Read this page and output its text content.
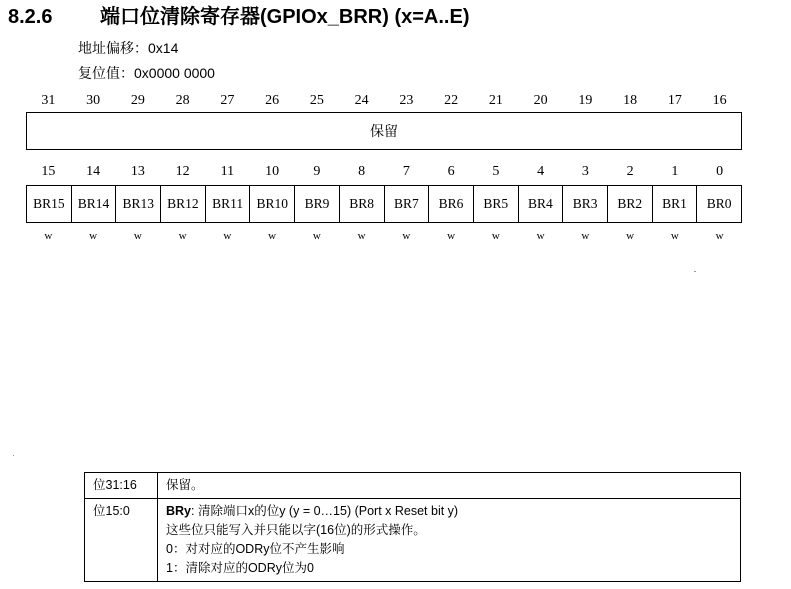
8.2.6 端口位清除寄存器(GPIOx_BRR) (x=A..E)
地址偏移：0x14
复位值：0x0000 0000
31	30	29	28	27	26	25	24	23	22	21	20	19	18	17	16
保留
15	14	13	12	11	10	9	8	7	6	5	4	3	2	1	0
BR15 BR14 BR13 BR12 BR11 BR10	BR9	BR8	BR7	BR6	BR5	BR4	BR3	BR2	BR1	BR0
w	w	w	w	w	w	w	w	w	w	w	w	w	w	w	w
位31:16	保留。

位15:0	BRy: 清除端口x的位y (y = 0…15) (Port x Reset bit y)
这些位只能写入并只能以字(16位)的形式操作。
0：对对应的ODRy位不产生影响
1：清除对应的ODRy位为0
